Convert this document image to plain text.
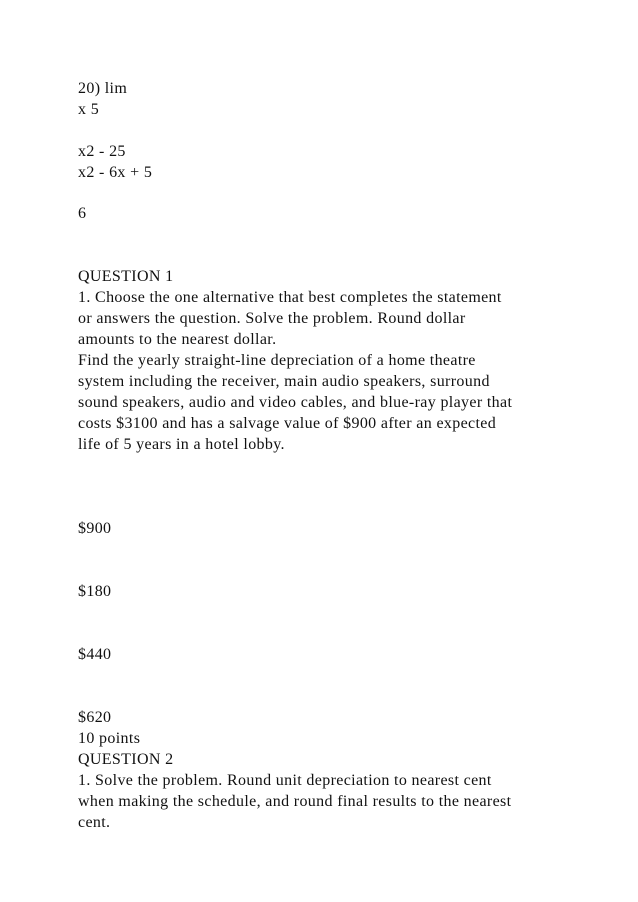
20) lim
x 5
x2 - 25
x2 - 6x + 5
6
QUESTION 1
1. Choose the one alternative that best completes the statement
or answers the question. Solve the problem. Round dollar
amounts to the nearest dollar.
Find the yearly straight-line depreciation of a home theatre
system including the receiver, main audio speakers, surround
sound speakers, audio and video cables, and blue-ray player that
costs $3100 and has a salvage value of $900 after an expected
life of 5 years in a hotel lobby.
$900
$180
$440
$620
10 points
QUESTION 2
1. Solve the problem. Round unit depreciation to nearest cent
when making the schedule, and round final results to the nearest
cent.
